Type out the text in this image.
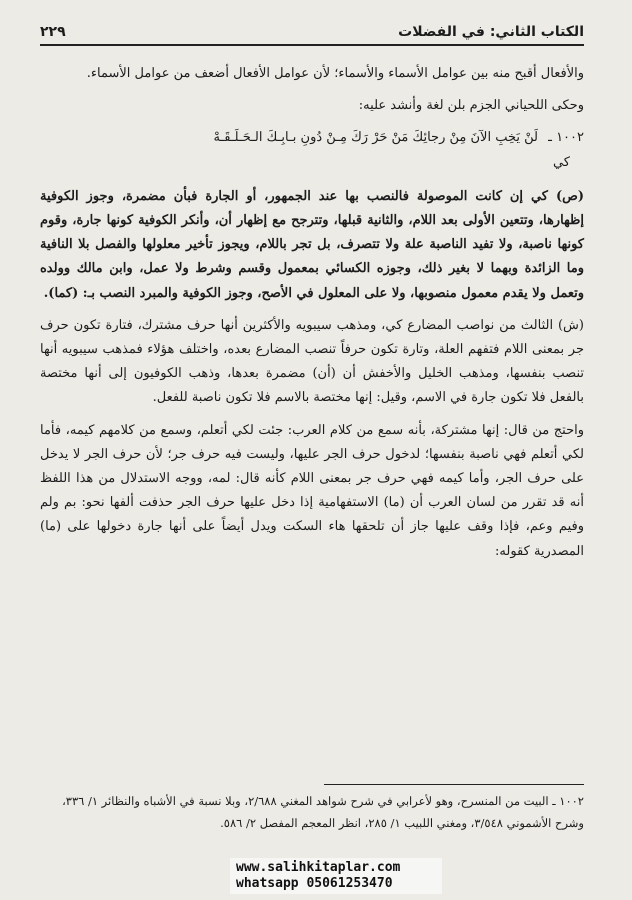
الكتاب الثاني: في الفضلات
٢٢٩

والأفعال أقبح منه بين عوامل الأسماء والأسماء؛ لأن عوامل الأفعال أضعف من عوامل الأسماء.

وحكى اللحياني الجزم بلن لغة وأنشد عليه:

١٠٠٢ ـ لَنْ يَخِبِ الآنَ مِنْ رجائِكَ مَنْ حَرْ رَكَ مِـنْ دُونِ بـابِـكَ الـحَـلَـقَـهْ
كي

(ص) كي إن كانت الموصولة فالنصب بها عند الجمهور، أو الجارة فبأن مضمرة، وجوز الكوفية إظهارها، وتتعين الأولى بعد اللام، والثانية قبلها، وتترجح مع إظهار أن، وأنكر الكوفية كونها جارة، وقوم كونها ناصبة، ولا تفيد الناصبة علة ولا تتصرف، بل تجر باللام، ويجوز تأخير معلولها والفصل بلا النافية وما الزائدة وبهما لا بغير ذلك، وجوزه الكسائي بمعمول وقسم وشرط ولا عمل، وابن مالك وولده وتعمل ولا يقدم معمول منصوبها، ولا على المعلول في الأصح، وجوز الكوفية والمبرد النصب بـ: (كما).

(ش) الثالث من نواصب المضارع كي، ومذهب سيبويه والأكثرين أنها حرف مشترك، فتارة تكون حرف جر بمعنى اللام فتفهم العلة، وتارة تكون حرفاً تنصب المضارع بعده، واختلف هؤلاء فمذهب سيبويه أنها تنصب بنفسها، ومذهب الخليل والأخفش أن (أن) مضمرة بعدها، وذهب الكوفيون إلى أنها مختصة بالفعل فلا تكون جارة في الاسم، وقيل: إنها مختصة بالاسم فلا تكون ناصبة للفعل.

واحتج من قال: إنها مشتركة، بأنه سمع من كلام العرب: جئت لكي أتعلم، وسمع من كلامهم كيمه، فأما لكي أتعلم فهي ناصبة بنفسها؛ لدخول حرف الجر عليها، وليست فيه حرف جر؛ لأن حرف الجر لا يدخل على حرف الجر، وأما كيمه فهي حرف جر بمعنى اللام كأنه قال: لمه، ووجه الاستدلال من هذا اللفظ أنه قد تقرر من لسان العرب أن (ما) الاستفهامية إذا دخل عليها حرف الجر حذفت ألفها نحو: بم ولم وفيم وعم، فإذا وقف عليها جاز أن تلحقها هاء السكت ويدل أيضاً على أنها جارة دخولها على (ما) المصدرية كقوله:

١٠٠٢ ـ البيت من المنسرح، وهو لأعرابي في شرح شواهد المغني ٢/٦٨٨، وبلا نسبة في الأشباه والنظائر ١/ ٣٣٦، وشرح الأشموني ٣/٥٤٨، ومغني اللبيب ١/ ٢٨٥، انظر المعجم المفصل ٢/ ٥٨٦.
www.salihkitaplar.com
whatsapp 05061253470
